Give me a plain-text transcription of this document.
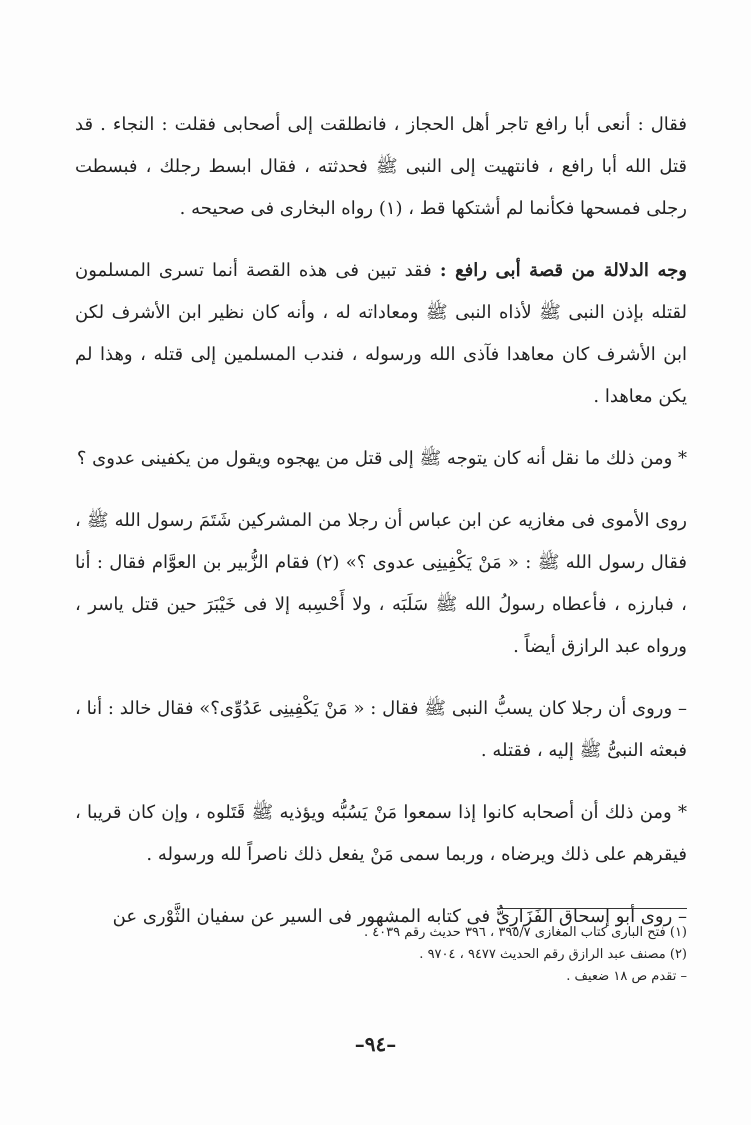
فقال : أنعى أبا رافع تاجر أهل الحجاز ، فانطلقت إلى أصحابى فقلت : النجاء . قد قتل الله أبا رافع ، فانتهيت إلى النبى ﷺ فحدثته ، فقال ابسط رجلك ، فبسطت رجلى فمسحها فكأنما لم أشتكها قط ، (١) رواه البخارى فى صحيحه .

وجه الدلالة من قصة أبى رافع : فقد تبين فى هذه القصة أنما تسرى المسلمون لقتله بإذن النبى ﷺ لأذاه النبى ﷺ ومعاداته له ، وأنه كان نظير ابن الأشرف لكن ابن الأشرف كان معاهدا فآذى الله ورسوله ، فندب المسلمين إلى قتله ، وهذا لم يكن معاهدا .

* ومن ذلك ما نقل أنه كان يتوجه ﷺ إلى قتل من يهجوه ويقول من يكفينى عدوى ؟

روى الأموى فى مغازيه عن ابن عباس أن رجلا من المشركين شَتَمَ رسول الله ﷺ ، فقال رسول الله ﷺ : « مَنْ يَكْفِينِى عدوى ؟» (٢) فقام الزُّبير بن العوَّام فقال : أنا ، فبارزه ، فأعطاه رسولُ الله ﷺ سَلَبَه ، ولا أَحْسِبه إلا فى خَيْبَرَ حين قتل ياسر ، ورواه عبد الرازق أيضاً .

– وروى أن رجلا كان يسبُّ النبى ﷺ فقال : « مَنْ يَكْفِينِى عَدُوِّى؟» فقال خالد : أنا ، فبعثه النبىُّ ﷺ إليه ، فقتله .

* ومن ذلك أن أصحابه كانوا إذا سمعوا مَنْ يَسُبُّه ويؤذيه ﷺ قَتَلوه ، وإن كان قريبا ، فيقرهم على ذلك ويرضاه ، وربما سمى مَنْ يفعل ذلك ناصراً لله ورسوله .

– روى أبو إسحاق الفَزَارِىُّ فى كتابه المشهور فى السير عن سفيان الثَّوْرى عن

(١) فتح البارى كتاب المغازى ٣٩٥/٧ ، ٣٩٦ حديث رقم ٤٠٣٩ .

(٢) مصنف عبد الرازق رقم الحديث ٩٤٧٧ ، ٩٧٠٤ .

– تقدم ص ١٨ ضعيف .

–٩٤–
